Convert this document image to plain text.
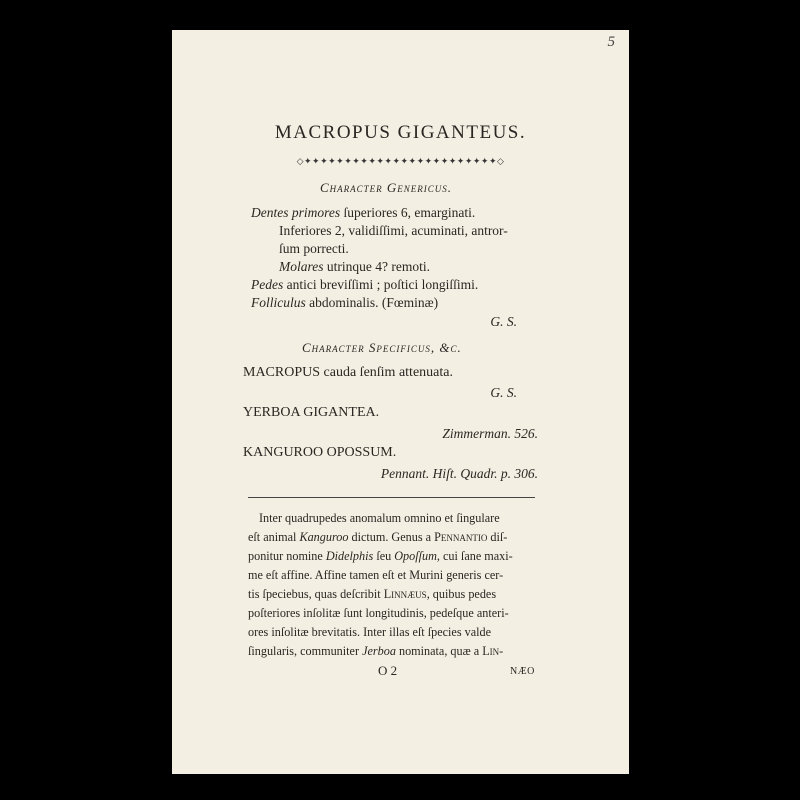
5
MACROPUS GIGANTEUS.
◇✦✦✦✦✦✦✦✦✦✦✦✦✦✦✦✦✦✦✦✦✦✦✦✦◇
Character Genericus.
Dentes primores ſuperiores 6, emarginati.
Inferiores 2, validiſſimi, acuminati, antror-
ſum porrecti.
Molares utrinque 4? remoti.
Pedes antici breviſſimi ; poſtici longiſſimi.
Folliculus abdominalis. (Fœminæ)
G. S.
Character Specificus, &c.
MACROPUS cauda ſenſim attenuata.
G. S.
YERBOA GIGANTEA.
Zimmerman. 526.
KANGUROO OPOSSUM.
Pennant. Hiſt. Quadr. p. 306.
Inter quadrupedes anomalum omnino et ſingulare
eſt animal Kanguroo dictum. Genus a Pennantio diſ-
ponitur nomine Didelphis ſeu Opoſſum, cui ſane maxi-
me eſt affine. Affine tamen eſt et Murini generis cer-
tis ſpeciebus, quas deſcribit Linnæus, quibus pedes
poſteriores inſolitæ ſunt longitudinis, pedeſque anteri-
ores inſolitæ brevitatis. Inter illas eſt ſpecies valde
ſingularis, communiter Jerboa nominata, quæ a Lin-
O 2	NÆO
